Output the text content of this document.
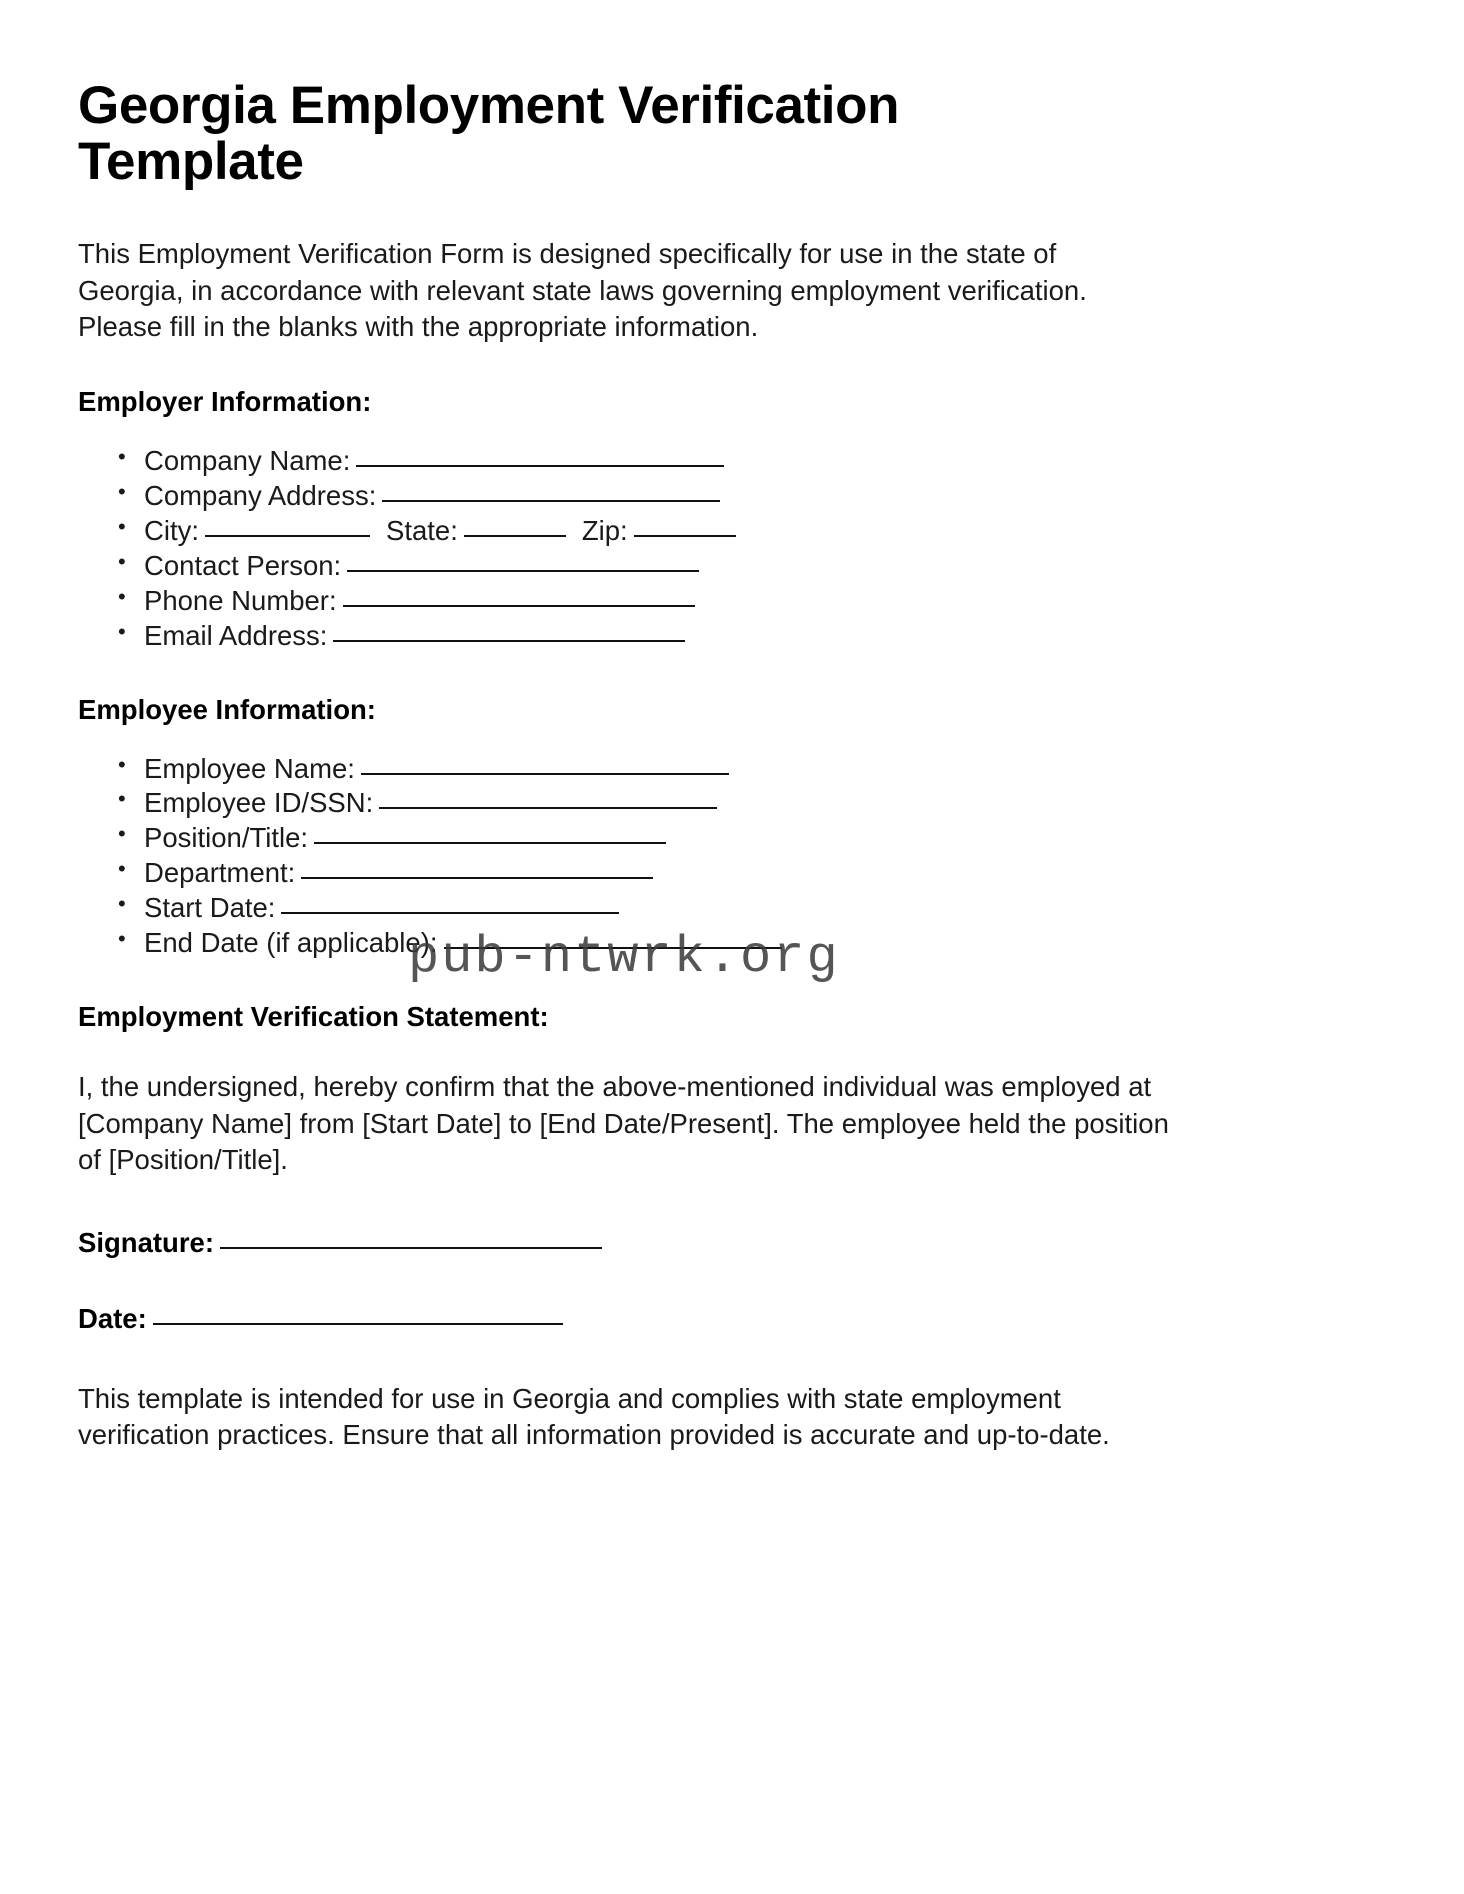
Georgia Employment Verification Template

This Employment Verification Form is designed specifically for use in the state of Georgia, in accordance with relevant state laws governing employment verification. Please fill in the blanks with the appropriate information.

Employer Information:
• Company Name:
• Company Address:
• City:	State:	Zip:
• Contact Person:
• Phone Number:
• Email Address:
Employee Information:
• Employee Name:
• Employee ID/SSN:
• Position/Title:
• Department:
• Start Date:
• End Date (if applicable):
Employment Verification Statement:

I, the undersigned, hereby confirm that the above-mentioned individual was employed at [Company Name] from [Start Date] to [End Date/Present]. The employee held the position of [Position/Title].

Signature:
Date:

This template is intended for use in Georgia and complies with state employment verification practices. Ensure that all information provided is accurate and up-to-date.

pub-ntwrk.org
